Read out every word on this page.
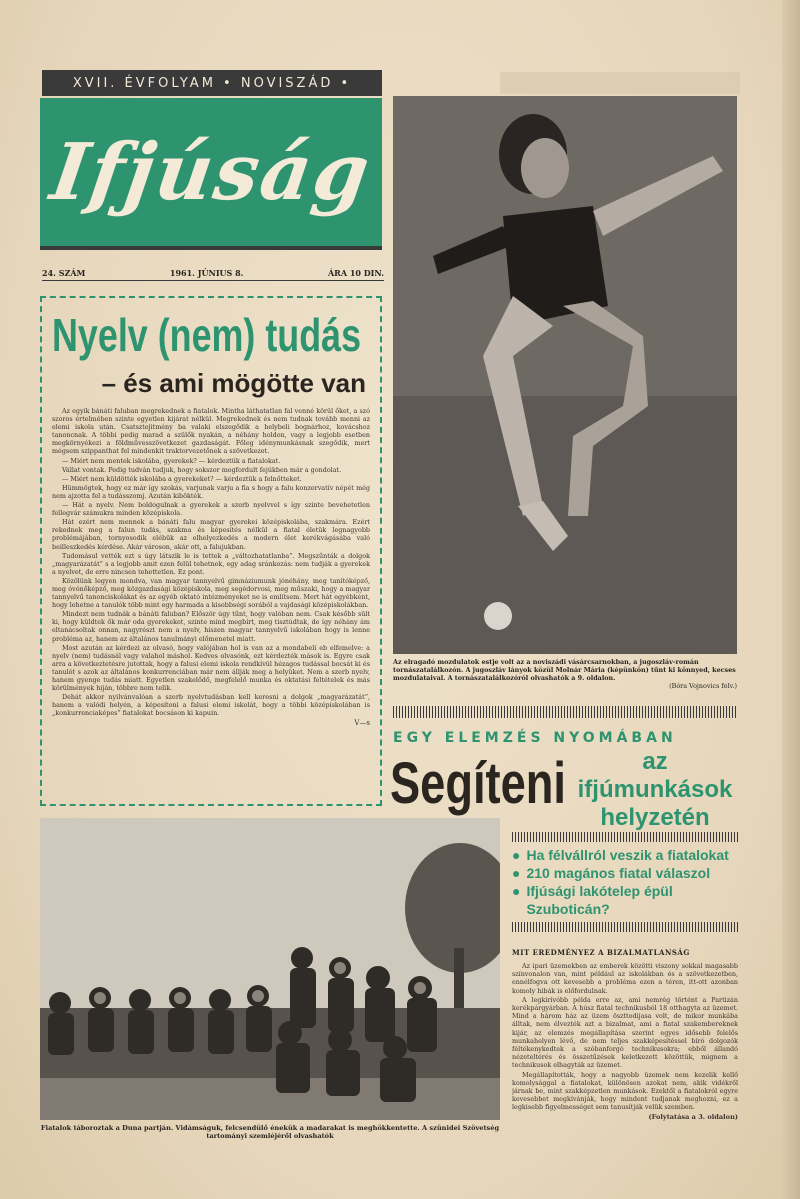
XVII. ÉVFOLYAM • NOVISZÁD •
Ifjúság
24. SZÁM	1961. JÚNIUS 8.	ÁRA 10 DIN.
Nyelv (nem) tudás
– és ami mögötte van

Az egyik bánáti faluban megrekednek a fiatalok. Mintha láthatatlan fal venné körül őket, a szó szoros értelmében szinte egyetlen kijárat nélkül. Megrekednek és nem tudnak tovább menni az elemi iskola után. Csatsztejitmény ba valaki elszegődik a helybeli bognárhoz, kovácshoz tanoncnak. A többi pedig marad a szülők nyakán, a néhány holdon, vagy a legjobb esetben megkörnyékezi a földművesszövetkezet gazdaságát. Főleg idénymunkásnak szegődik, mert mégsem szippanthat fel mindenkit traktorvezetőnek a szövetkezet.

— Miért nem mentek iskolába, gyerekek? — kérdeztük a fiatalokat.

Vállat vontak. Pedig tudván tudjuk, hogy sokszor megfordult fejükben már a gondolat.

— Miért nem küldötték iskolába a gyerekeket? — kérdeztük a felnőtteket.

Hümmögtek, hogy ez már így szokás, varjunak varju a fia s hogy a falu konzervatív népét még nem ajzotta fel a tudásszomj. Azután kibökték.

— Hát a nyelv. Nem boldogulnak a gyerekek a szerb nyelvvel s így szinte bevehetetlen fellegvár számukra minden középiskola.

Hát ezért nem mennek a bánáti falu magyar gyerekei középiskolába, szakmára. Ezért rekednek meg a falun tudás, szakma és képesítés nélkül a fiatal életük legnagyobb problémájában, tornyosodik elébük az elhelyezkedés a modern élet kerékvágásába való beilleszkedés kérdése. Akár városon, akár ott, a falujukban.

Tudomásul vették ezt s úgy látszik le is tettek a „változhatatlanba”. Megszűnták a dolgok „magyarázatát” s a legjobb amit ezen felül tehetnek, egy adag sránkozás: nem tudják a gyerekek a nyelvet, de erre nincsen tehettetlen. Ez pont.

Közölünk legyen mondva, van magyar tannyelvű gimnáziumunk jónéhány, meg tanítóképző, meg óvónőképző, meg közgazdasági középiskola, meg segédorvosi, meg műszaki, hogy a magyar tannyelvű tanonciskolákat és az egyéb oktató intézményeket ne is említsem. Mert hát egyébként, hogy lehetne a tanulók több mint egy harmada a kisebbségi sorából a vajdasági középiskolákban.

Mindezt nem tudnák a bánáti faluban? Először úgy tűnt, hogy valóban nem. Csak később sült ki, hogy küldtek ők már oda gyerekeket, szinte mind megbírt, meg tisztúdtak, de így néhány ám eltanácsoltak onnan, nagyrészt nem a nyelv, hiszen magyar tannyelvű iskolában hogy is lenne probléma az, hanem az általános tanulmányi előmenetel miatt.

Most azután az kérdezi az olvasó, hogy valójában hol is van az a mondabeli eb elfemelve: a nyelv (nem) tudásnál vagy valahol máshol. Kedves olvasónk, ezt kérdezték mások is. Egyre csak arra a következtetésre jutottak, hogy a falusi elemi iskola rendkívül hézagos tudással bocsát ki és tanulót s azok az általános konkurrenciában már nem állják meg a helyüket. Nem a szerb nyelv, hanem gyenge tudás miatt. Egyetlen szakelődő, megfelelő munka és oktatási feltételek és más körülmények hiján, többre nem telik.

Dehát akkor nyilvánvalóan a szerb nyelvtudásban kell keresni a dolgok „magyarázatát”, hanem a valódi helyén, a képesítoni a falusi elemi iskolát, hogy a többi középiskolában is „konkurrenciaképes” fiatalokat bocsáson ki kapuin.

V—s
Az elragadó mozdulatok estje volt az a noviszádi vásárcsarnokban, a jugoszláv-román tornászatalálkozón. A jugoszláv lányok közül Molnár Mária (képünkön) tűnt ki könnyed, kecses mozdulataival. A tornászatalálkozóról olvashatók a 9. oldalon.
(Bóra Vojnovics felv.)
EGY ELEMZÉS NYOMÁBAN
Segíteni	az ifjúmunkások helyzetén
● Ha félvállról veszik a fiatalokat
● 210 magános fiatal válaszol
● Ifjúsági lakótelep épül Szuboticán?
MIT EREDMÉNYEZ A BIZALMATLANSÁG

Az ipari üzemekben az emberek közötti viszony sokkal magasabb színvonalon van, mint például az iskolákban és a szövetkezetben, ennélfogva ott kevesebb a probléma ezen a téren, itt-ott azonban komoly hibák is előfordulnak.

A legkirívóbb példa erre az, ami nemrég történt a Partizán kerékpárgyárban. A húsz fiatal technikusból 18 otthagyta az üzemet. Mind a három ház az üzem öszttodijasa volt, de mikor munkába álltak, nem élvezték azt a bizalmat, ami a fiatal szakembereknek kijár, az elemzés megállapítása szerint egyes idősebb felelős munkahelyen lévő, de nem teljes szakképesítéssel bíró dolgozók féltékenykedtek a szóbanforgó technikusokra; ebből állandó nézeteltérés és összetűzések keletkezett közöttük, mignem a technikusok elhagyták az üzemet.

Megállapították, hogy a nagyobb üzemek nem kezelik kellő komolysággal a fiatalokat, különösen azokat nem, akik vidékről járnak be, mint szakképzetlen munkások. Ezektől a fiatalokról egyre kevesebbet megkívánják, hogy mindent tudjanak meghozni, ez a legkisebb figyelmességet sem tanusítják velük szemben.

(Folytatása a 3. oldalon)
Fiatalok táboroztak a Duna partján. Vidámságuk, felcsendülő énekük a madarakat is meghökkentette. A szünidei Szövetség tartományi szemléjéről olvashatók
